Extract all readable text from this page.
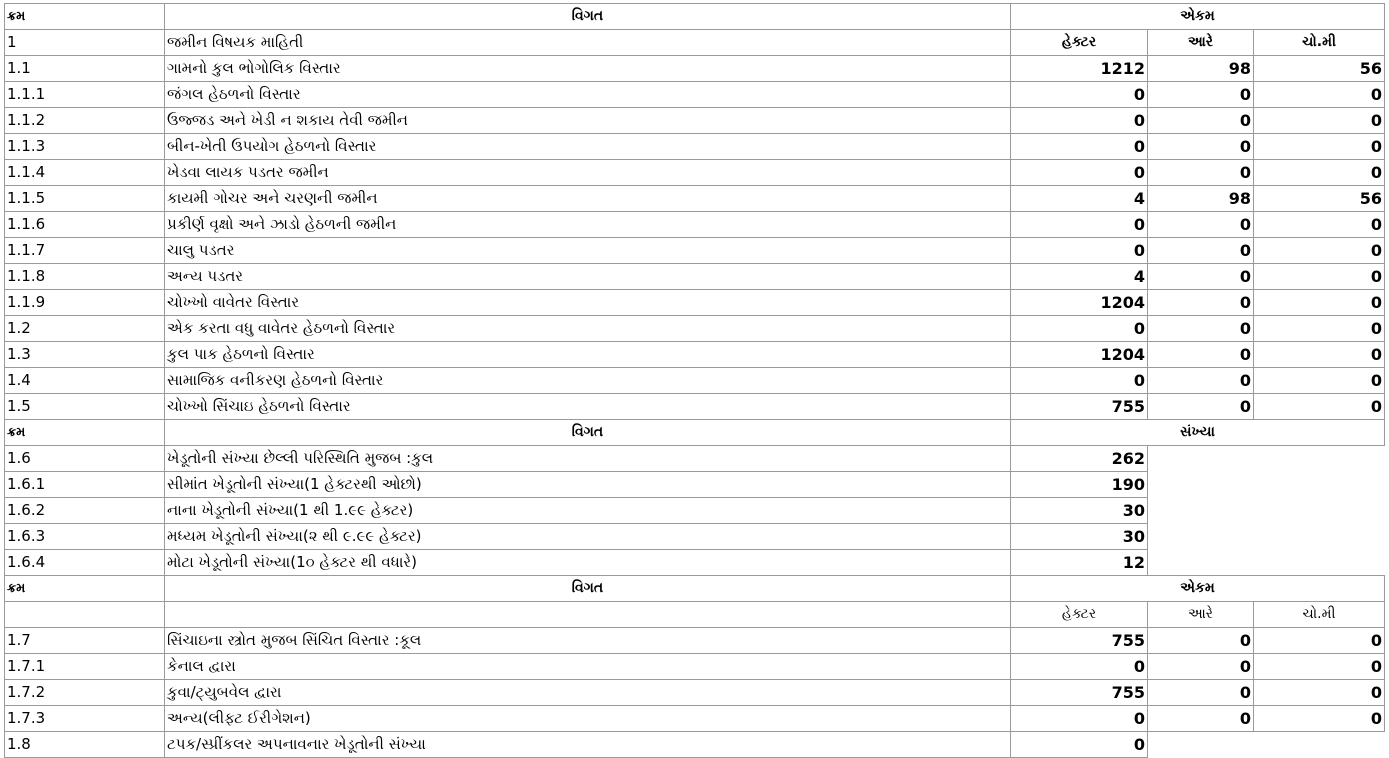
ક્રમ	વિગત	એકમ		
1	જમીન વિષયક માહિતી	હેક્ટર	આરે	ચો.મી
1.1	ગામનો કુલ ભોગોલિક વિસ્તાર	1212	98	56
1.1.1	જંગલ હેઠળનો વિસ્તાર	0	0	0
1.1.2	ઉજ્જડ અને ખેડી ન શકાય તેવી જમીન	0	0	0
1.1.3	બીન-ખેતી ઉપયોગ હેઠળનો વિસ્તાર	0	0	0
1.1.4	ખેડવા લાયક પડતર જમીન	0	0	0
1.1.5	કાયમી ગોચર અને ચરણની જમીન	4	98	56
1.1.6	પ્રકીર્ણ વૃક્ષો અને ઝાડો હેઠળની જમીન	0	0	0
1.1.7	ચાલુ પડતર	0	0	0
1.1.8	અન્ય પડતર	4	0	0
1.1.9	ચોખ્ખો વાવેતર વિસ્તાર	1204	0	0
1.2	એક કરતા વધુ વાવેતર હેઠળનો વિસ્તાર	0	0	0
1.3	કુલ પાક હેઠળનો વિસ્તાર	1204	0	0
1.4	સામાજિક વનીકરણ હેઠળનો વિસ્તાર	0	0	0
1.5	ચોખ્ખો સિંચાઇ હેઠળનો વિસ્તાર	755	0	0
ક્રમ	વિગત	સંખ્યા		
1.6	ખેડૂતોની સંખ્યા છેલ્લી પરિસ્થિતિ મુજબ :કુલ	262		
1.6.1	સીમાંત ખેડૂતોની સંખ્યા(1 હેક્ટરથી ઓછો)	190		
1.6.2	નાના ખેડૂતોની સંખ્યા(1 થી 1.૯૯ હેક્ટર)	30		
1.6.3	મધ્યમ ખેડૂતોની સંખ્યા(૨ થી ૯.૯૯ હેક્ટર)	30		
1.6.4	મોટા ખેડૂતોની સંખ્યા(1૦ હેક્ટર થી વધારે)	12		
ક્રમ	વિગત	એકમ		
		હેક્ટર	આરે	ચો.મી
1.7	સિંચાઇના સ્ત્રોત મુજબ સિંચિત વિસ્તાર :કૂલ	755	0	0
1.7.1	કેનાલ દ્વારા	0	0	0
1.7.2	કુવા/ટ્યુબવેલ દ્વારા	755	0	0
1.7.3	અન્ય(લીફ્ટ ઈરીગેશન)	0	0	0
1.8	ટપક/સ્પ્રીંકલર અપનાવનાર ખેડૂતોની સંખ્યા	0		
